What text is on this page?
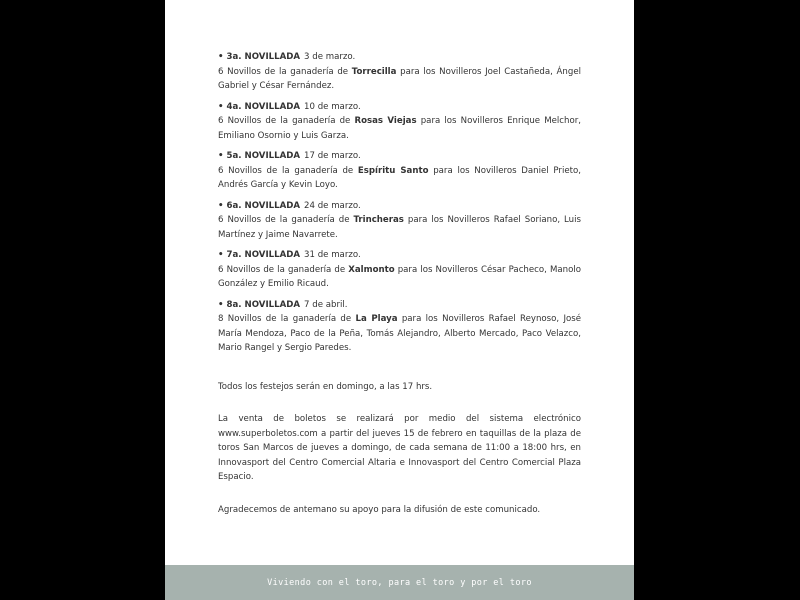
• 3a. NOVILLADA 3 de marzo.

6 Novillos de la ganadería de Torrecilla para los Novilleros Joel Castañeda, Ángel Gabriel y César Fernández.

• 4a. NOVILLADA 10 de marzo.

6 Novillos de la ganadería de Rosas Viejas para los Novilleros Enrique Melchor, Emiliano Osornio y Luis Garza.

• 5a. NOVILLADA 17 de marzo.

6 Novillos de la ganadería de Espíritu Santo para los Novilleros Daniel Prieto, Andrés García y Kevin Loyo.

• 6a. NOVILLADA 24 de marzo.

6 Novillos de la ganadería de Trincheras para los Novilleros Rafael Soriano, Luis Martínez y Jaime Navarrete.

• 7a. NOVILLADA 31 de marzo.

6 Novillos de la ganadería de Xalmonto para los Novilleros César Pacheco, Manolo González y Emilio Ricaud.

• 8a. NOVILLADA 7 de abril.

8 Novillos de la ganadería de La Playa para los Novilleros Rafael Reynoso, José María Mendoza, Paco de la Peña, Tomás Alejandro, Alberto Mercado, Paco Velazco, Mario Rangel y Sergio Paredes.

Todos los festejos serán en domingo, a las 17 hrs.

La venta de boletos se realizará por medio del sistema electrónico www.superboletos.com a partir del jueves 15 de febrero en taquillas de la plaza de toros San Marcos de jueves a domingo, de cada semana de 11:00 a 18:00 hrs, en Innovasport del Centro Comercial Altaria e Innovasport del Centro Comercial Plaza Espacio.

Agradecemos de antemano su apoyo para la difusión de este comunicado.

Viviendo con el toro, para el toro y por el toro
